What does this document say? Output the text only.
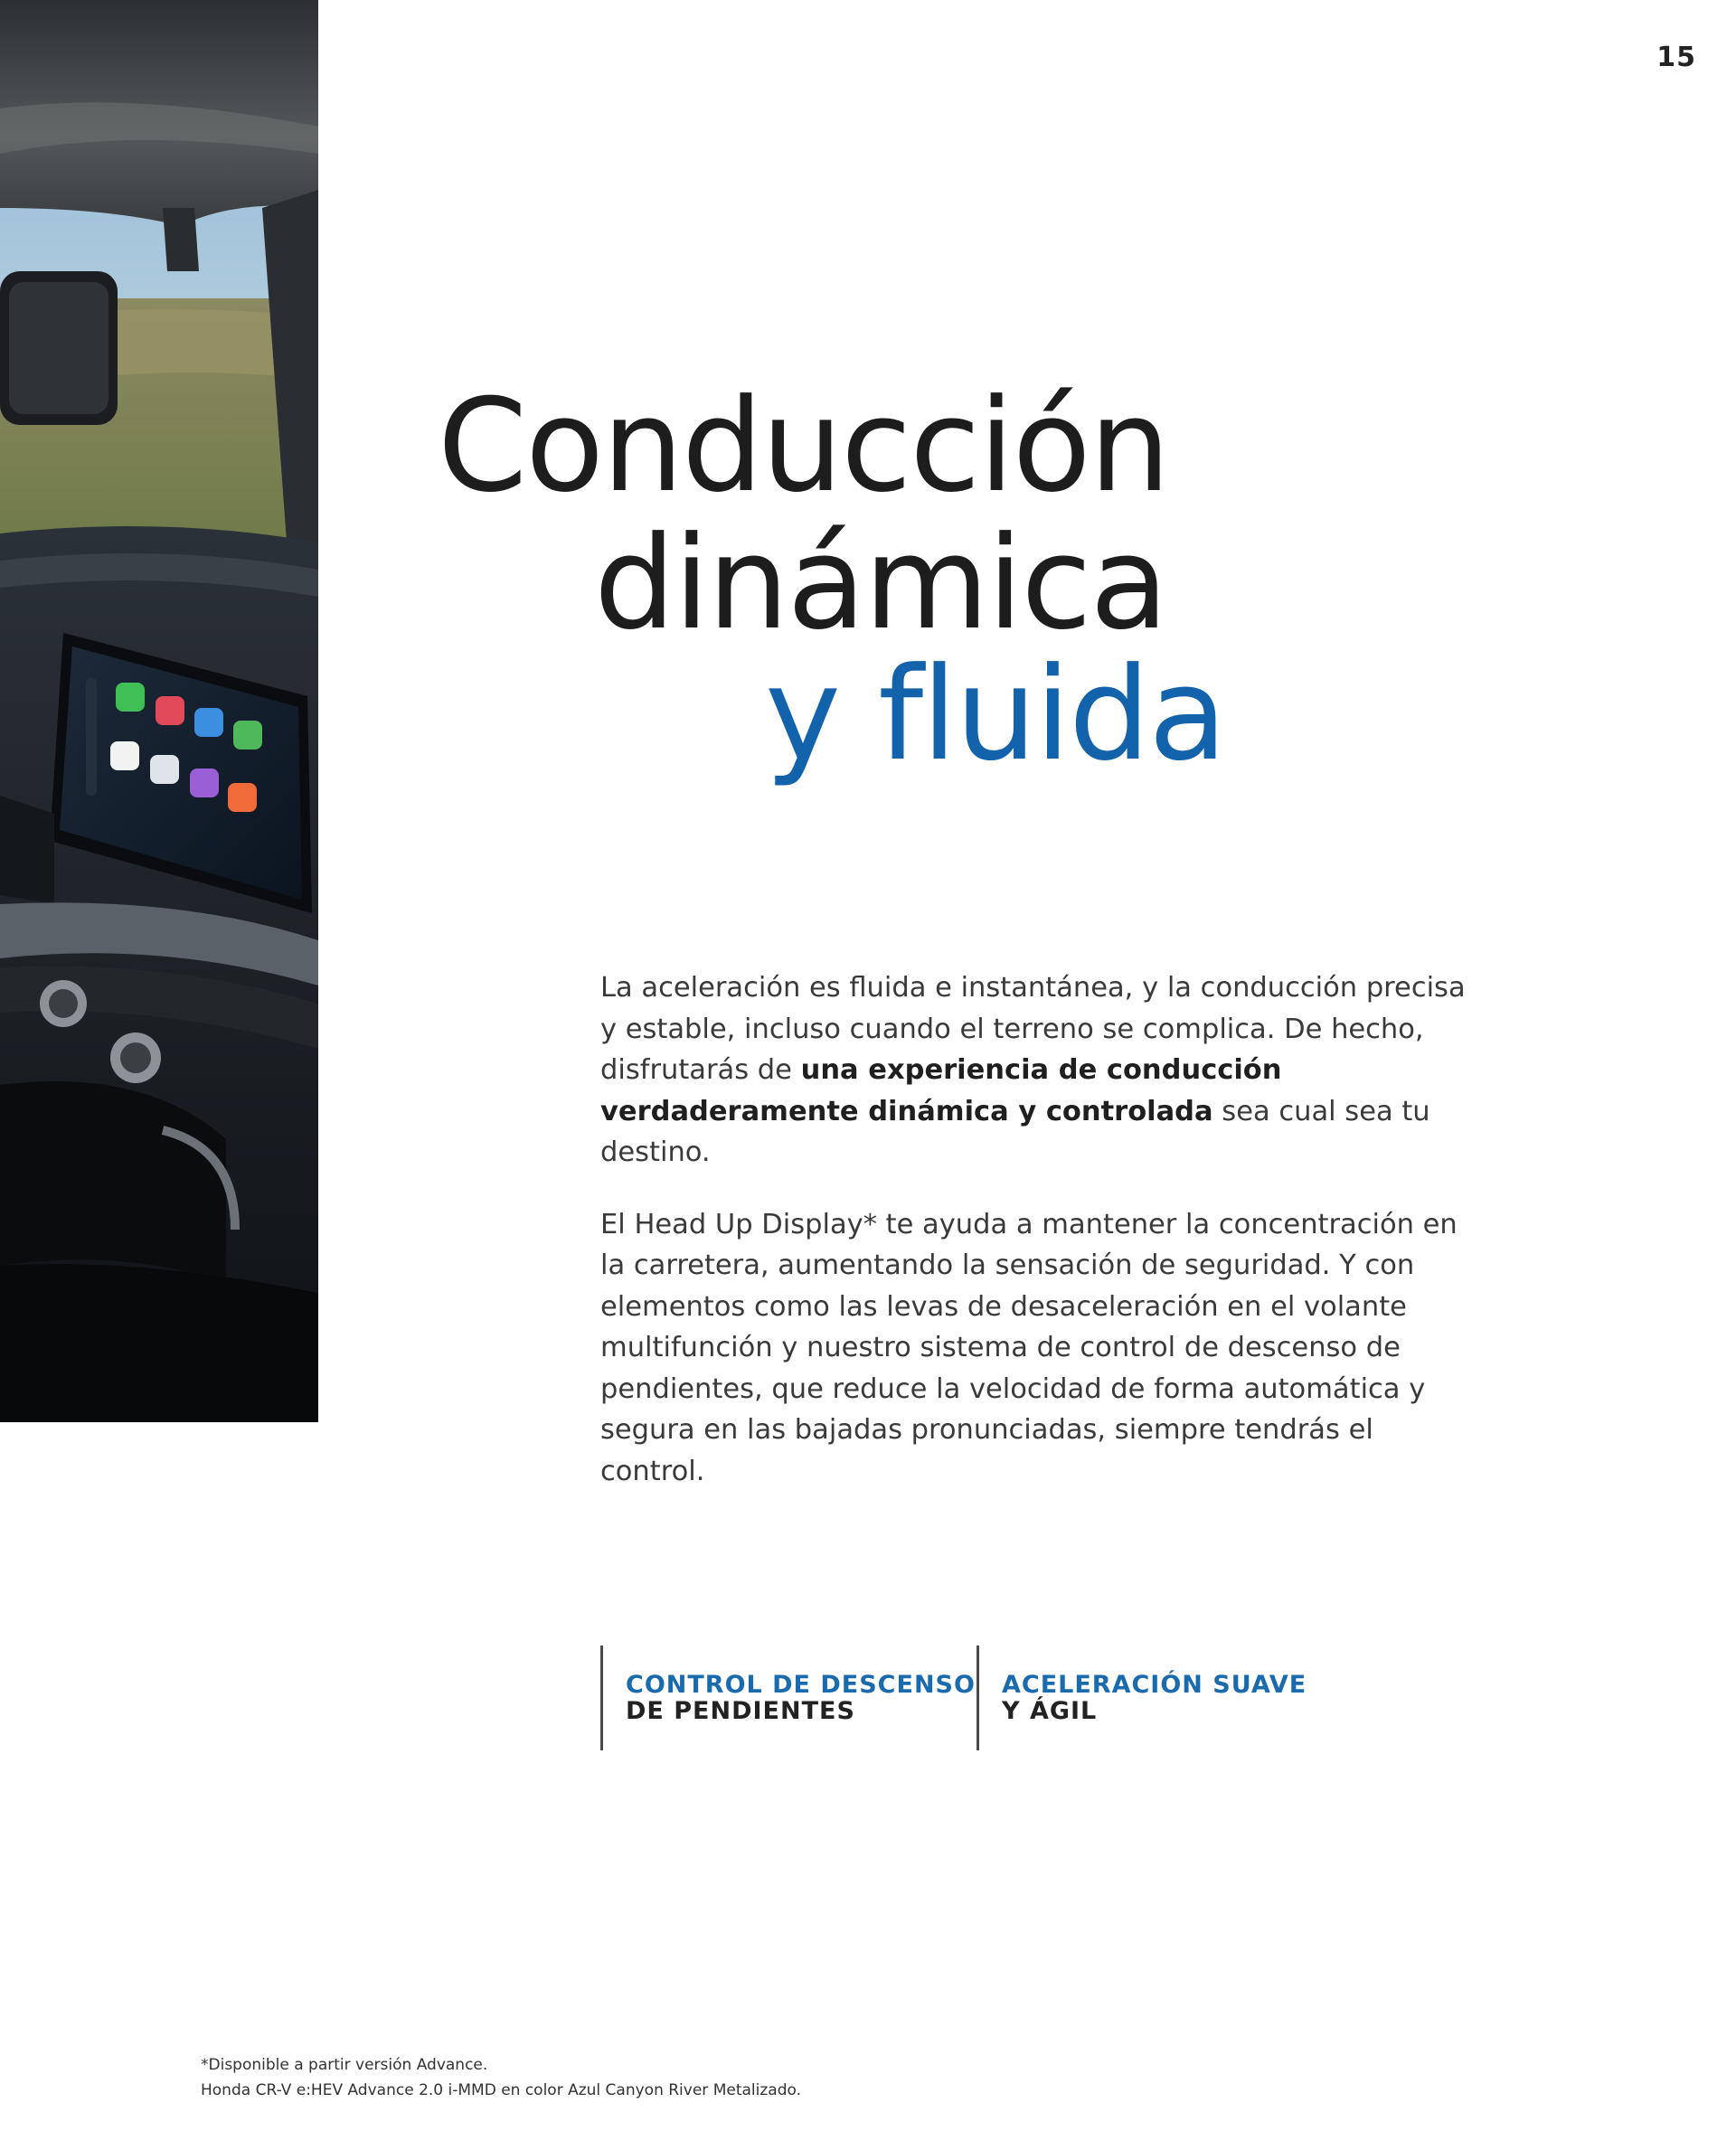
15
Conducción
dinámica
y fluida

La aceleración es fluida e instantánea, y la conducción precisa y estable, incluso cuando el terreno se complica. De hecho, disfrutarás de una experiencia de conducción verdaderamente dinámica y controlada sea cual sea tu destino.

El Head Up Display* te ayuda a mantener la concentración en la carretera, aumentando la sensación de seguridad. Y con elementos como las levas de desaceleración en el volante multifunción y nuestro sistema de control de descenso de pendientes, que reduce la velocidad de forma automática y segura en las bajadas pronunciadas, siempre tendrás el control.

CONTROL DE DESCENSO
DE PENDIENTES
ACELERACIÓN SUAVE
Y ÁGIL
*Disponible a partir versión Advance.
Honda CR-V e:HEV Advance 2.0 i-MMD en color Azul Canyon River Metalizado.
